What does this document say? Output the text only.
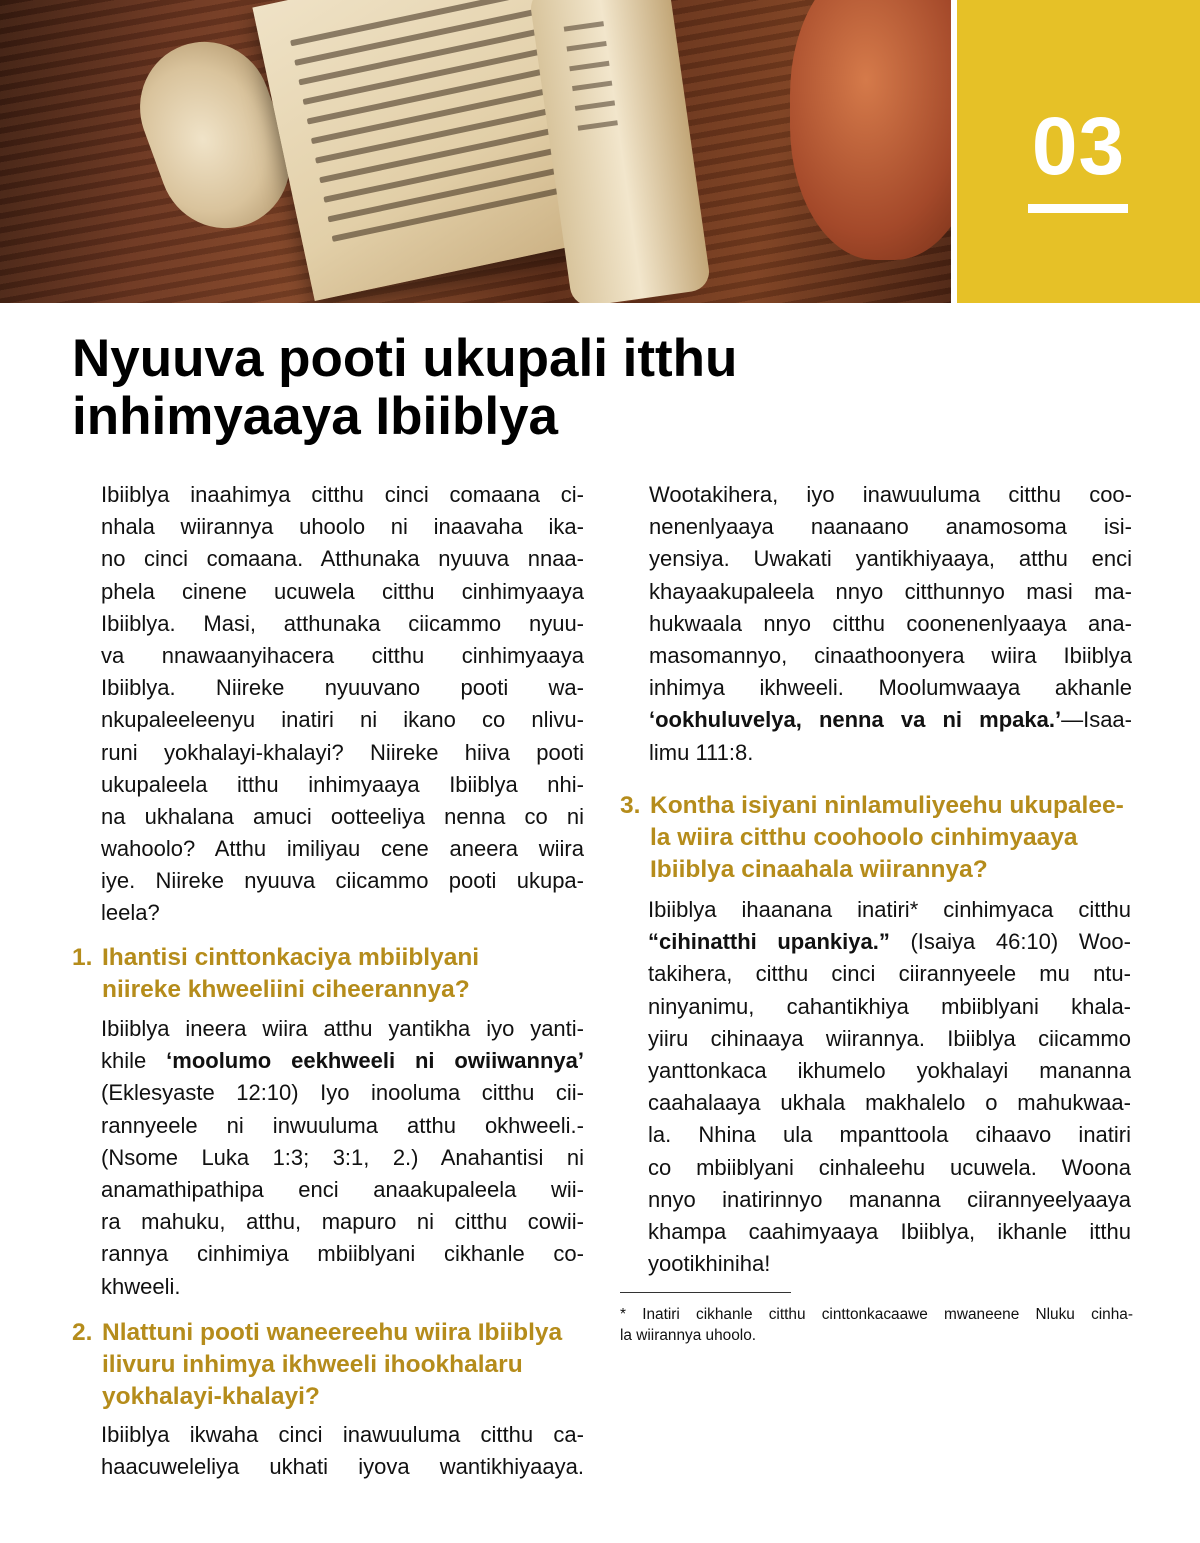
03
Nyuuva pooti ukupali itthu
inhimyaaya Ibiiblya
Ibiiblya inaahimya citthu cinci comaana ci-
nhala wiirannya uhoolo ni inaavaha ika-
no cinci comaana. Atthunaka nyuuva nnaa-
phela cinene ucuwela citthu cinhimyaaya
Ibiiblya. Masi, atthunaka ciicammo nyuu-
va nnawaanyihacera citthu cinhimyaaya
Ibiiblya. Niireke nyuuvano pooti wa-
nkupaleeleenyu inatiri ni ikano co nlivu-
runi yokhalayi-khalayi? Niireke hiiva pooti
ukupaleela itthu inhimyaaya Ibiiblya nhi-
na ukhalana amuci ootteeliya nenna co ni
wahoolo? Atthu imiliyau cene aneera wiira
iye. Niireke nyuuva ciicammo pooti ukupa-
leela?
1. Ihantisi cinttonkaciya mbiiblyani
niireke khweeliini ciheerannya?
Ibiiblya ineera wiira atthu yantikha iyo yanti-
khile ‘moolumo eekhweeli ni owiiwannya’
(Eklesyaste 12:10) Iyo inooluma citthu cii-
rannyeele ni inwuuluma atthu okhweeli.-
(Nsome Luka 1:3; 3:1, 2.) Anahantisi ni
anamathipathipa enci anaakupaleela wii-
ra mahuku, atthu, mapuro ni citthu cowii-
rannya cinhimiya mbiiblyani cikhanle co-
khweeli.
2. Nlattuni pooti waneereehu wiira Ibiiblya
ilivuru inhimya ikhweeli ihookhalaru
yokhalayi-khalayi?
Ibiiblya ikwaha cinci inawuuluma citthu ca-
haacuweleliya ukhati iyova wantikhiyaaya.
Wootakihera, iyo inawuuluma citthu coo-
nenenlyaaya naanaano anamosoma isi-
yensiya. Uwakati yantikhiyaaya, atthu enci
khayaakupaleela nnyo citthunnyo masi ma-
hukwaala nnyo citthu coonenenlyaaya ana-
masomannyo, cinaathoonyera wiira Ibiiblya
inhimya ikhweeli. Moolumwaaya akhanle
‘ookhuluvelya, nenna va ni mpaka.’—Isaa-
limu 111:8.
3. Kontha isiyani ninlamuliyeehu ukupalee-
la wiira citthu coohoolo cinhimyaaya
Ibiiblya cinaahala wiirannya?
Ibiiblya ihaanana inatiri* cinhimyaca citthu
“cihinatthi upankiya.” (Isaiya 46:10) Woo-
takihera, citthu cinci ciirannyeele mu ntu-
ninyanimu, cahantikhiya mbiiblyani khala-
yiiru cihinaaya wiirannya. Ibiiblya ciicammo
yanttonkaca ikhumelo yokhalayi mananna
caahalaaya ukhala makhalelo o mahukwaa-
la. Nhina ula mpanttoola cihaavo inatiri
co mbiiblyani cinhaleehu ucuwela. Woona
nnyo inatirinnyo mananna ciirannyeelyaaya
khampa caahimyaaya Ibiiblya, ikhanle itthu
yootikhiniha!
* Inatiri cikhanle citthu cinttonkacaawe mwaneene Nluku cinha-
la wiirannya uhoolo.
